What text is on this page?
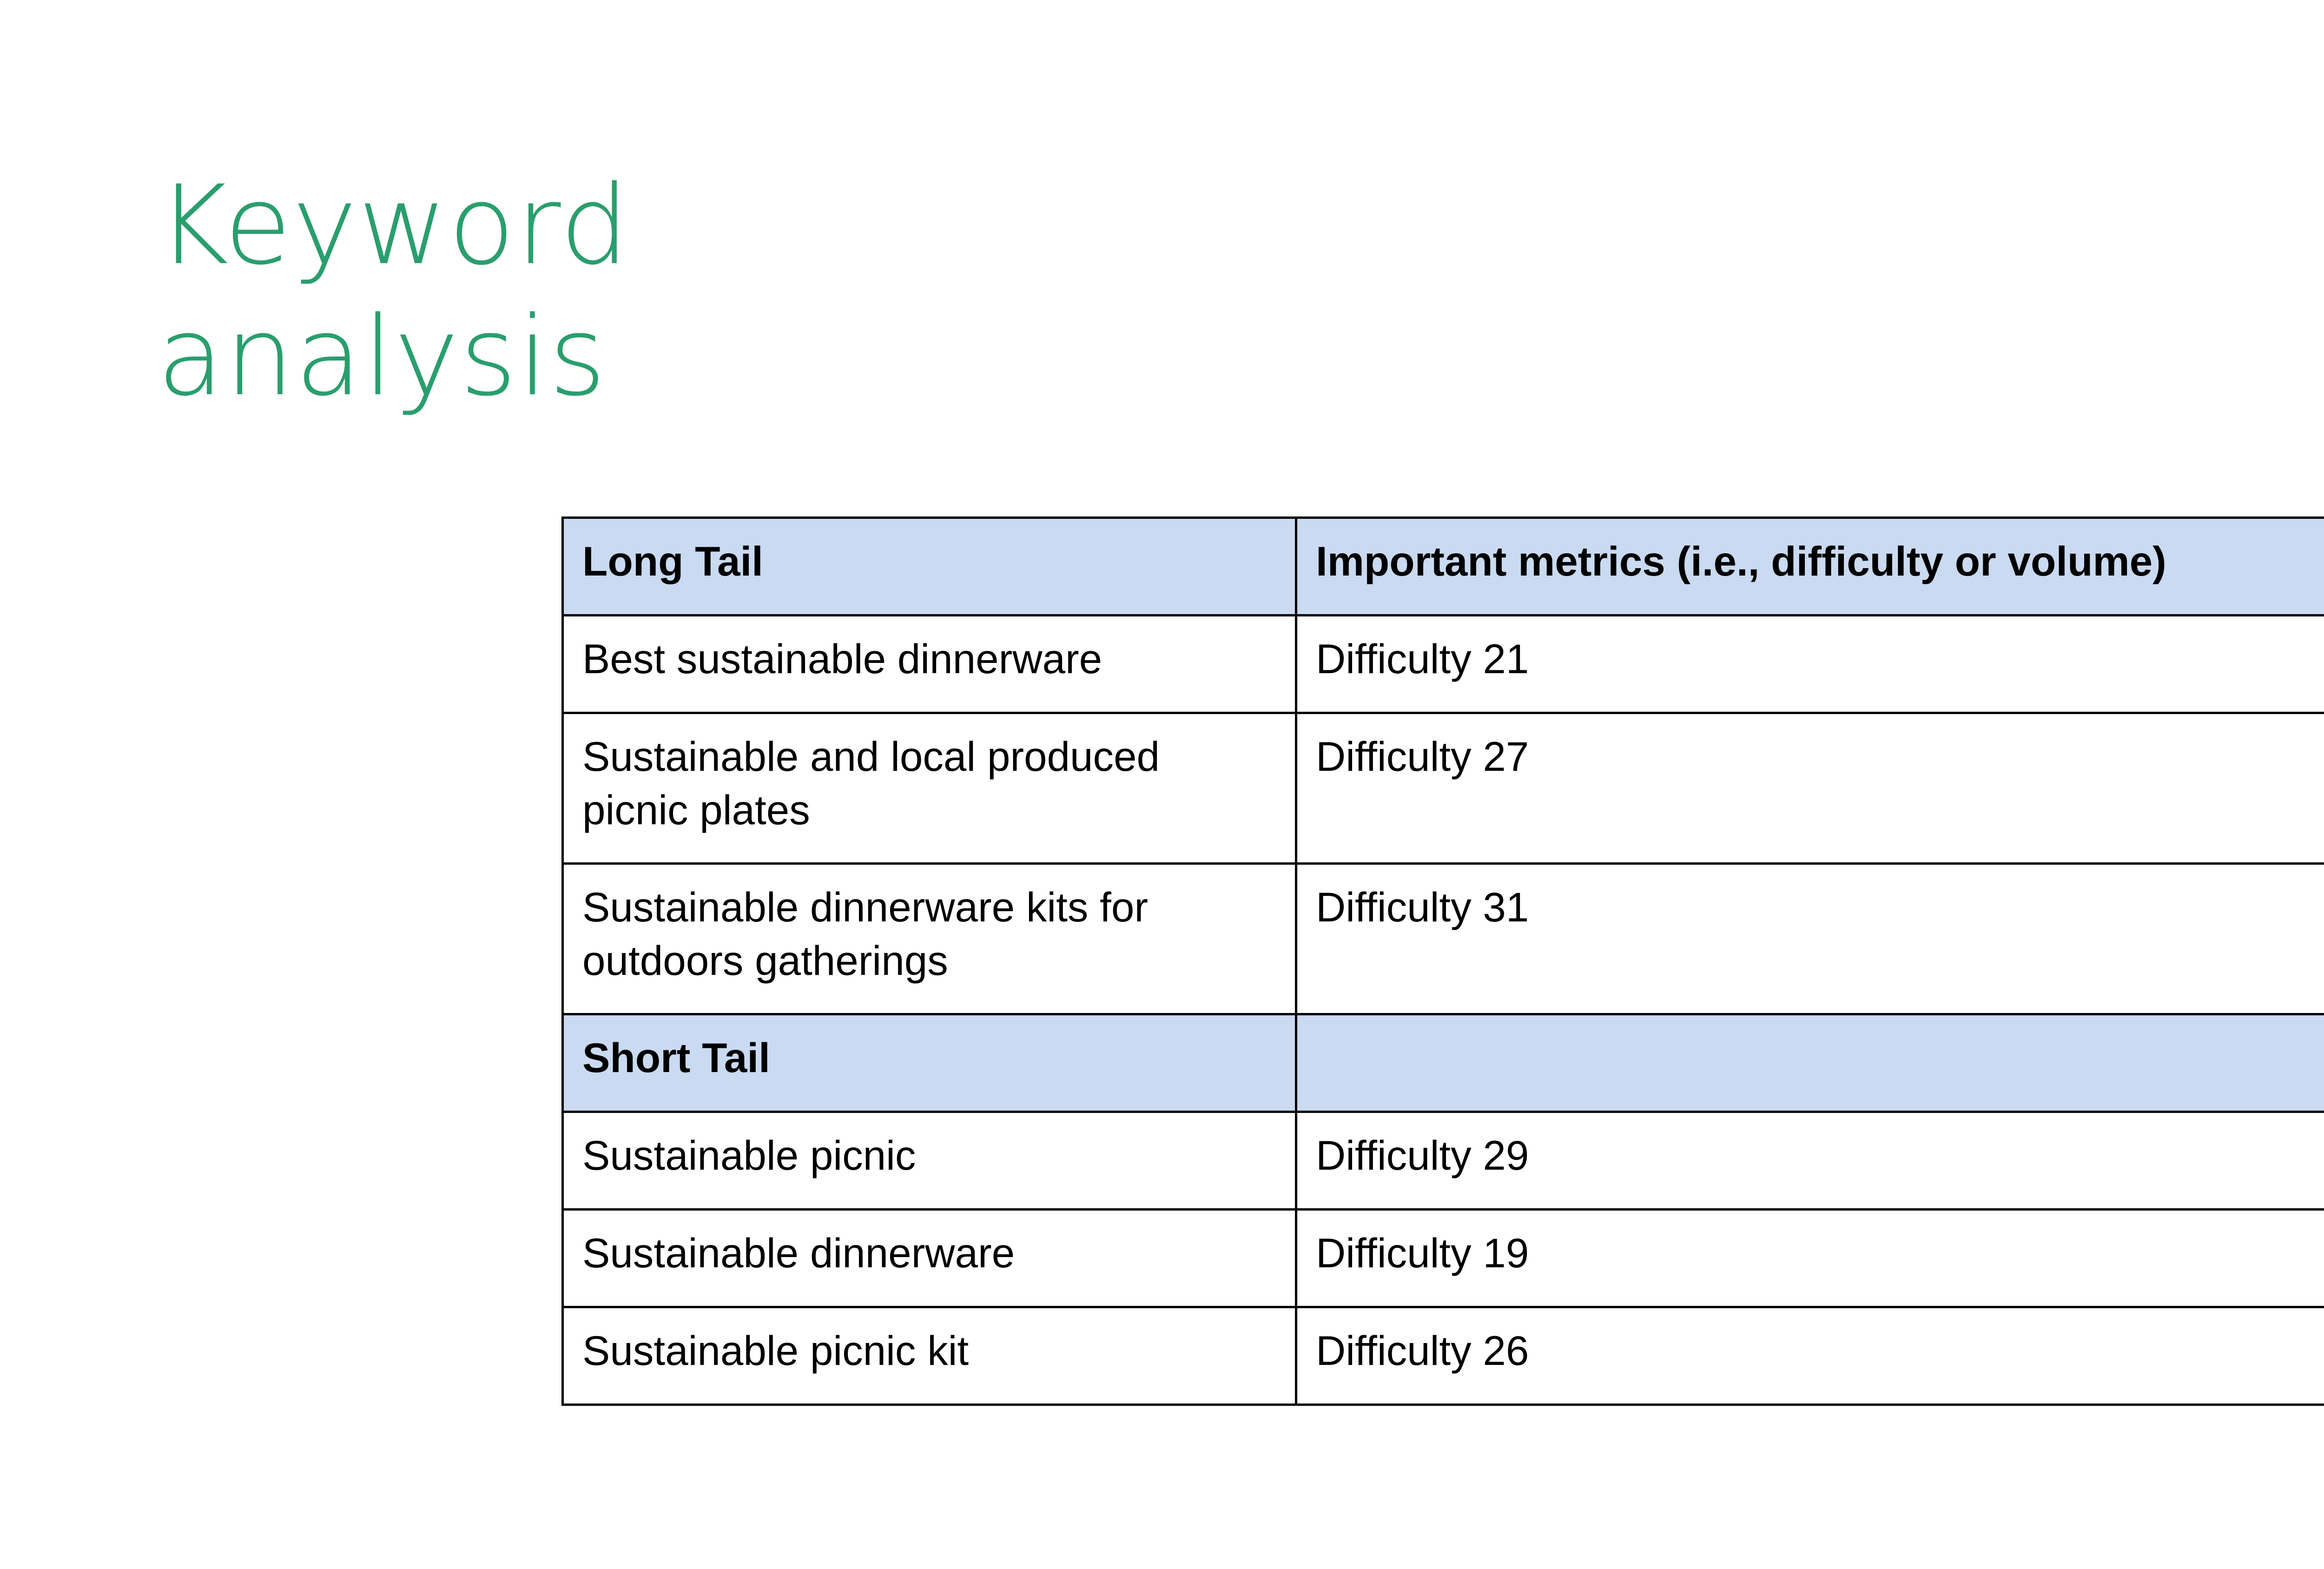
Keyword
analysis
Long Tail	Important metrics (i.e., difficulty or volume)
Best sustainable dinnerware	Difficulty 21
Sustainable and local produced picnic plates	Difficulty 27
Sustainable dinnerware kits for outdoors gatherings	Difficulty 31
Short Tail	
Sustainable picnic	Difficulty 29
Sustainable dinnerware	Difficulty 19
Sustainable picnic kit	Difficulty 26
